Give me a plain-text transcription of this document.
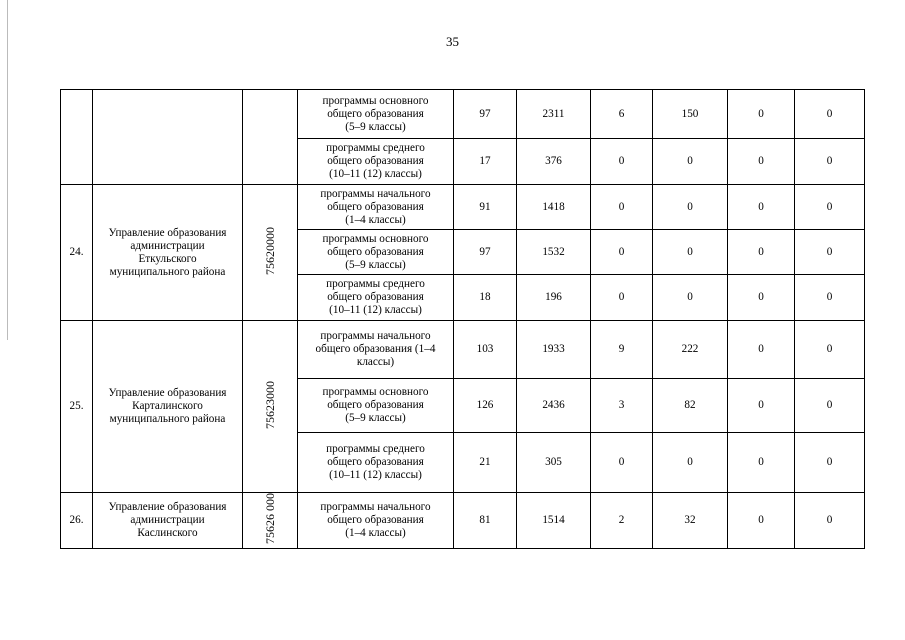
35
			программы основного
общего образования
(5–9 классы)	97	2311	6	150	0	0
			программы среднего
общего образования
(10–11 (12) классы)	17	376	0	0	0	0
24.	Управление образования
администрации
Еткульского
муниципального района	75620000	программы начального
общего образования
(1–4 классы)	91	1418	0	0	0	0
			программы основного
общего образования
(5–9 классы)	97	1532	0	0	0	0
			программы среднего
общего образования
(10–11 (12) классы)	18	196	0	0	0	0
25.	Управление образования
Карталинского
муниципального района	75623000	программы начального
общего образования (1–4
классы)	103	1933	9	222	0	0
			программы основного
общего образования
(5–9 классы)	126	2436	3	82	0	0
			программы среднего
общего образования
(10–11 (12) классы)	21	305	0	0	0	0
26.	Управление образования
администрации
Каслинского	75626 000	программы начального
общего образования
(1–4 классы)	81	1514	2	32	0	0
